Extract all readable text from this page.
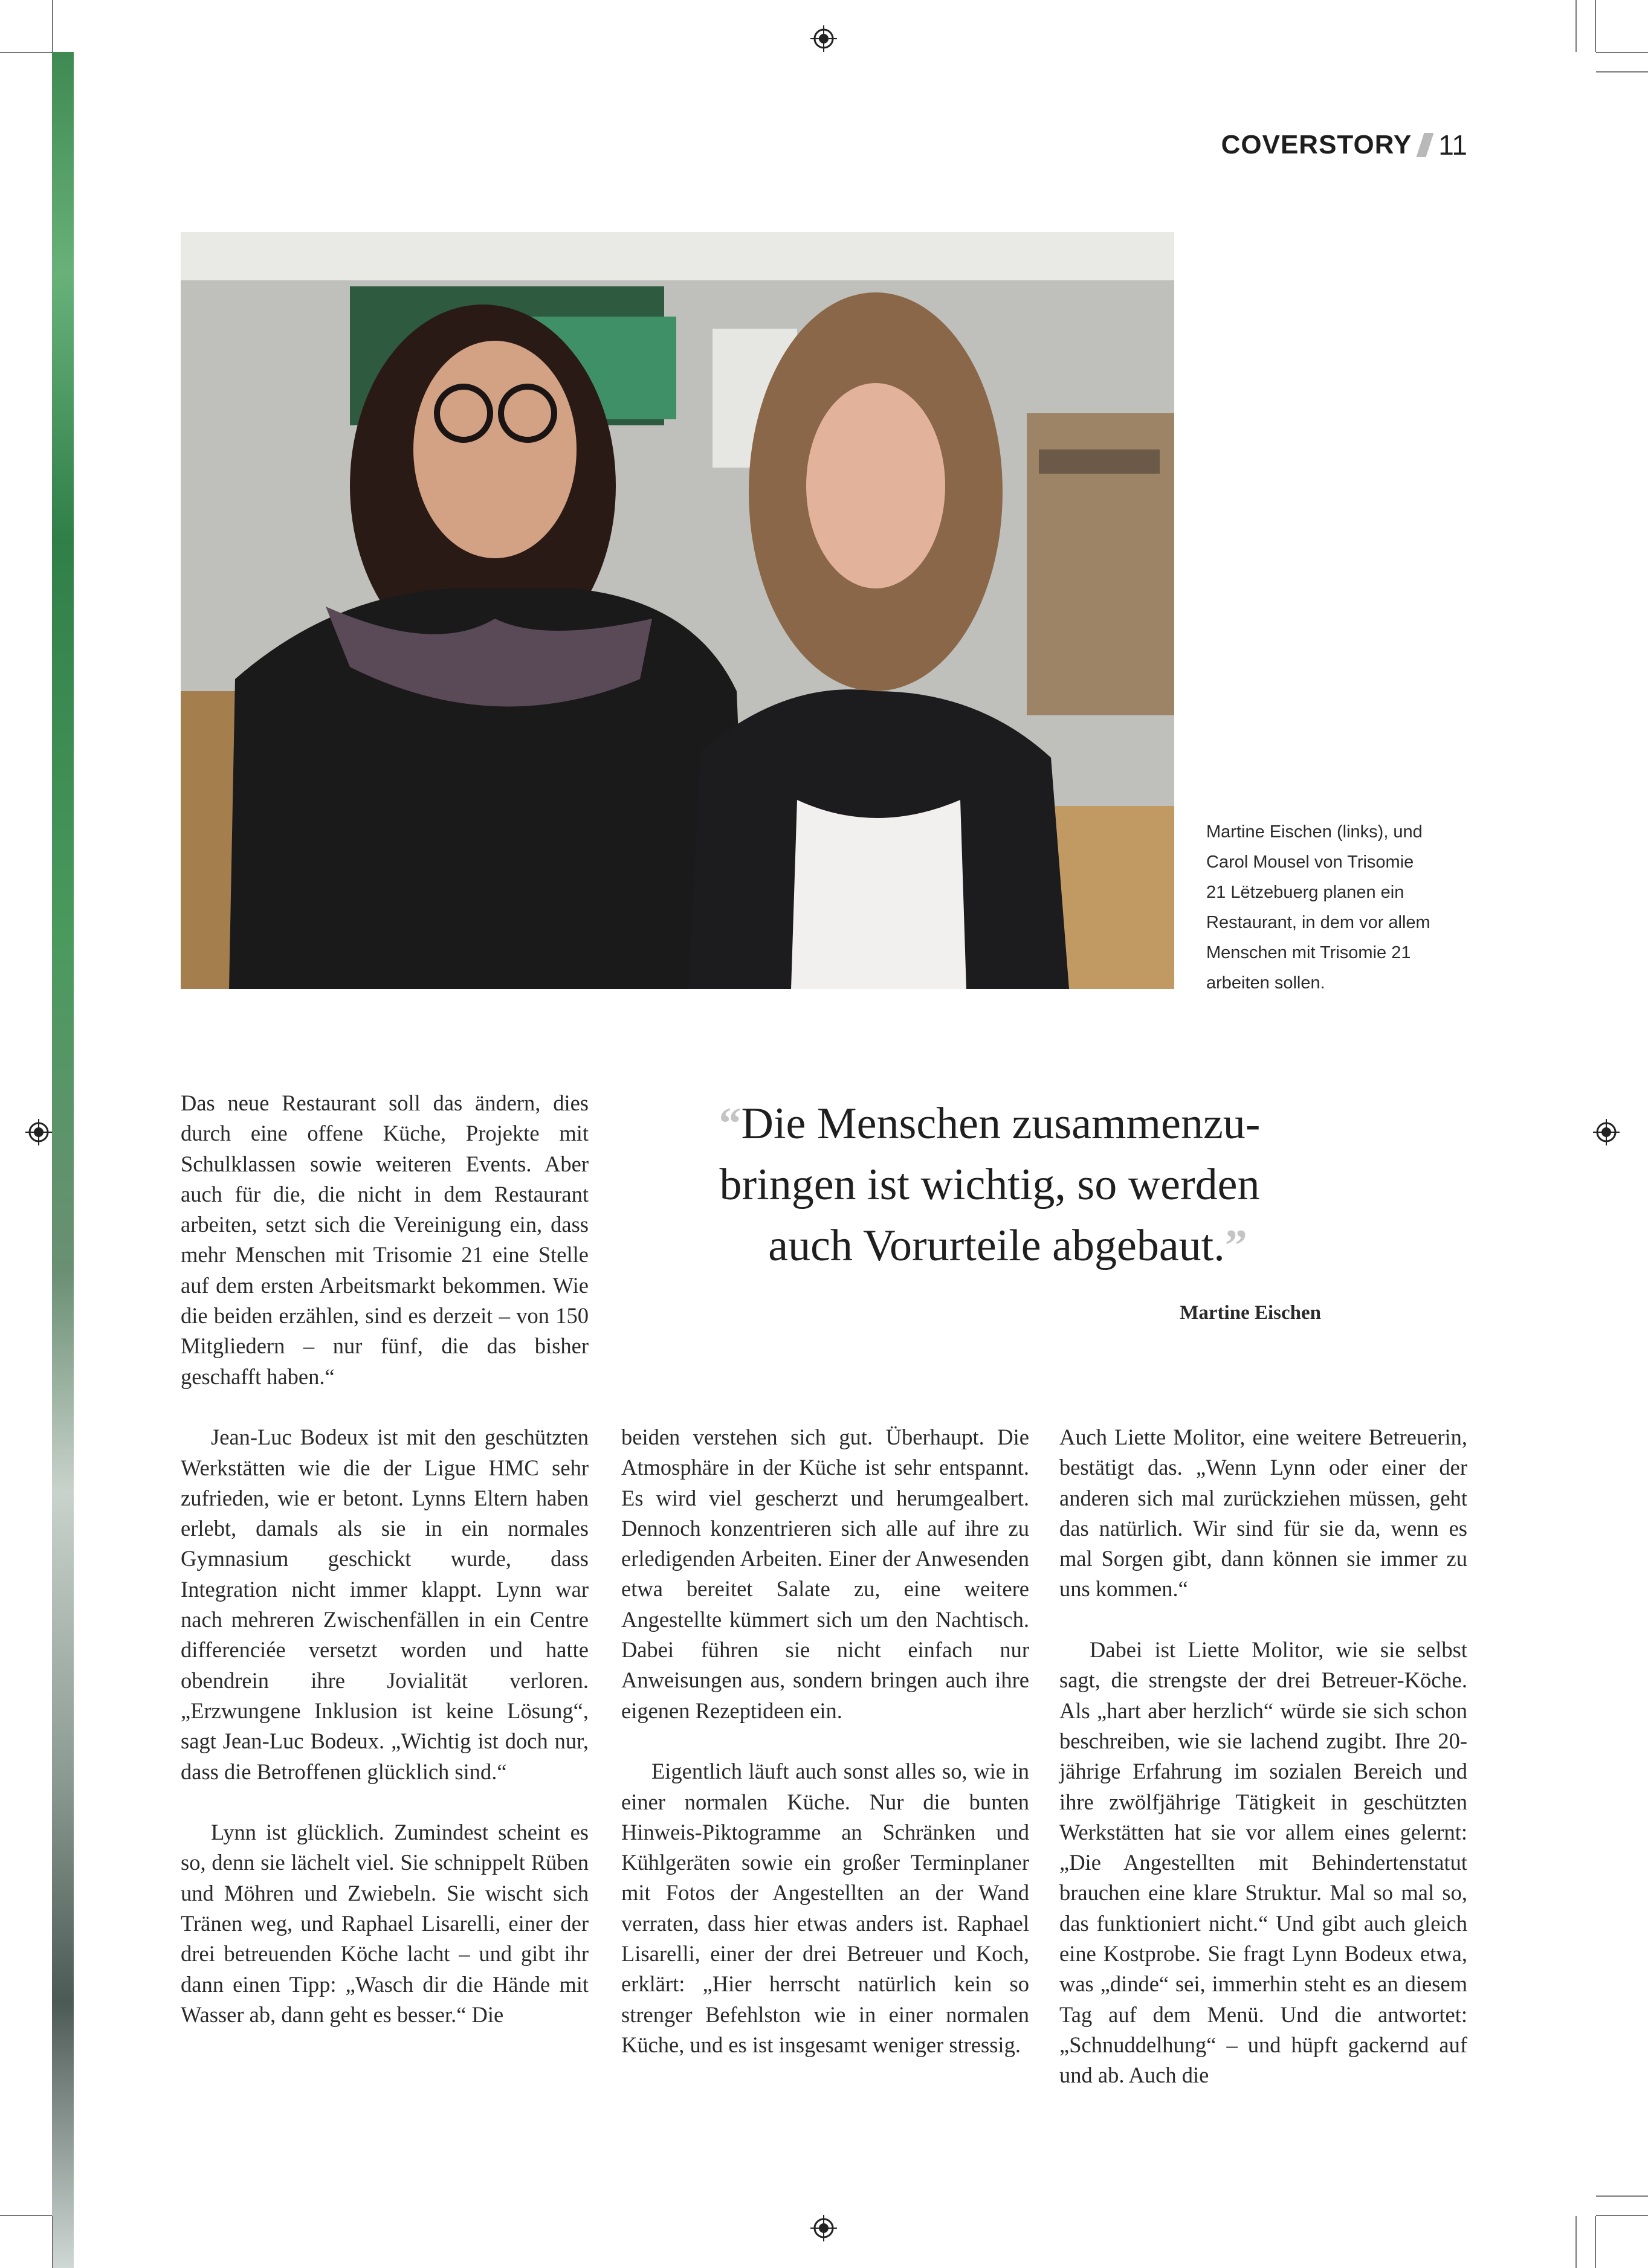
COVERSTORY 11
Martine Eischen (links), und
Carol Mousel von Trisomie
21 Lëtzebuerg planen ein
Restaurant, in dem vor allem
Menschen mit Trisomie 21
arbeiten sollen.

Das neue Restaurant soll das ändern, dies durch eine offene Küche, Projekte mit Schulklassen sowie weiteren Events. Aber auch für die, die nicht in dem Restaurant arbeiten, setzt sich die Vereinigung ein, dass mehr Menschen mit Trisomie 21 eine Stelle auf dem ersten Arbeitsmarkt bekommen. Wie die beiden erzählen, sind es derzeit – von 150 Mitgliedern – nur fünf, die das bisher geschafft haben.“

Jean-Luc Bodeux ist mit den geschützten Werkstätten wie die der Ligue HMC sehr zufrieden, wie er betont. Lynns Eltern haben erlebt, damals als sie in ein normales Gymnasium geschickt wurde, dass Integration nicht immer klappt. Lynn war nach mehreren Zwischenfällen in ein Centre differenciée versetzt worden und hatte obendrein ihre Jovialität verloren. „Erzwungene Inklusion ist keine Lösung“, sagt Jean-Luc Bodeux. „Wichtig ist doch nur, dass die Betroffenen glücklich sind.“

Lynn ist glücklich. Zumindest scheint es so, denn sie lächelt viel. Sie schnippelt Rüben und Möhren und Zwiebeln. Sie wischt sich Tränen weg, und Raphael Lisarelli, einer der drei betreuenden Köche lacht – und gibt ihr dann einen Tipp: „Wasch dir die Hände mit Wasser ab, dann geht es besser.“ Die

“Die Menschen zusammenzu-
bringen ist wichtig, so werden
auch Vorurteile abgebaut.”
Martine Eischen

beiden verstehen sich gut. Überhaupt. Die Atmosphäre in der Küche ist sehr entspannt. Es wird viel gescherzt und herumgealbert. Dennoch konzentrieren sich alle auf ihre zu erledigenden Arbeiten. Einer der Anwesenden etwa bereitet Salate zu, eine weitere Angestellte kümmert sich um den Nachtisch. Dabei führen sie nicht einfach nur Anweisungen aus, sondern bringen auch ihre eigenen Rezeptideen ein.

Eigentlich läuft auch sonst alles so, wie in einer normalen Küche. Nur die bunten Hinweis-Piktogramme an Schränken und Kühlgeräten sowie ein großer Terminplaner mit Fotos der Angestellten an der Wand verraten, dass hier etwas anders ist. Raphael Lisarelli, einer der drei Betreuer und Koch, erklärt: „Hier herrscht natürlich kein so strenger Befehlston wie in einer normalen Küche, und es ist insgesamt weniger stressig.

Auch Liette Molitor, eine weitere Betreuerin, bestätigt das. „Wenn Lynn oder einer der anderen sich mal zurückziehen müssen, geht das natürlich. Wir sind für sie da, wenn es mal Sorgen gibt, dann können sie immer zu uns kommen.“

Dabei ist Liette Molitor, wie sie selbst sagt, die strengste der drei Betreuer-Köche. Als „hart aber herzlich“ würde sie sich schon beschreiben, wie sie lachend zugibt. Ihre 20-jährige Erfahrung im sozialen Bereich und ihre zwölfjährige Tätigkeit in geschützten Werkstätten hat sie vor allem eines gelernt: „Die Angestellten mit Behindertenstatut brauchen eine klare Struktur. Mal so mal so, das funktioniert nicht.“ Und gibt auch gleich eine Kostprobe. Sie fragt Lynn Bodeux etwa, was „dinde“ sei, immerhin steht es an diesem Tag auf dem Menü. Und die antwortet: „Schnuddelhung“ – und hüpft gackernd auf und ab. Auch die
